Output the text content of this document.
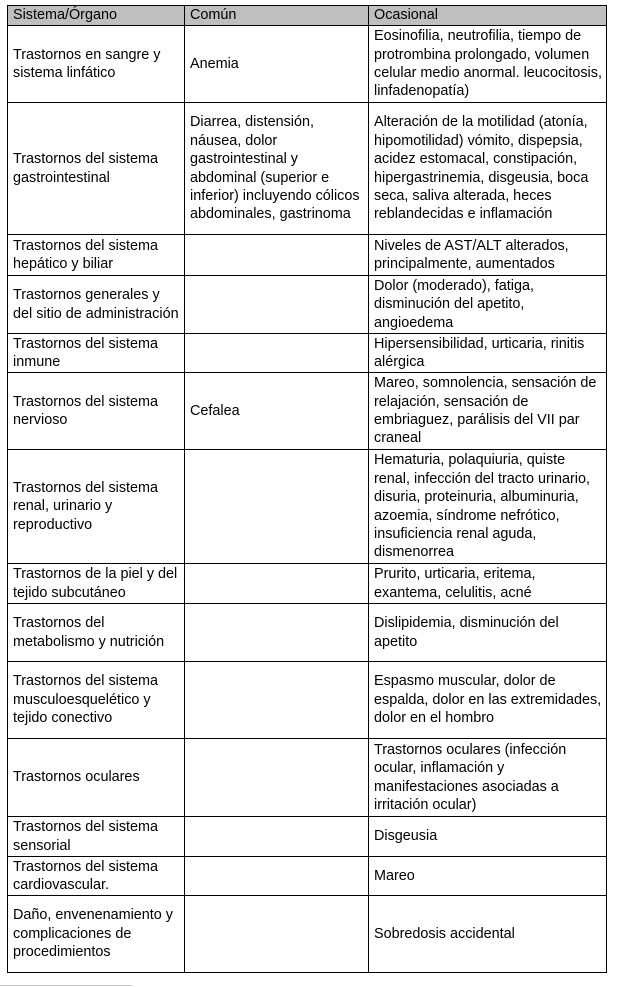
Sistema/Órgano	Común	Ocasional
Trastornos en sangre y sistema linfático	Anemia	Eosinofilia, neutrofilia, tiempo de protrombina prolongado, volumen celular medio anormal. leucocitosis, linfadenopatía)
Trastornos del sistema gastrointestinal	Diarrea, distensión, náusea, dolor gastrointestinal y abdominal (superior e inferior) incluyendo cólicos abdominales, gastrinoma	Alteración de la motilidad (atonía, hipomotilidad) vómito, dispepsia, acidez estomacal, constipación, hipergastrinemia, disgeusia, boca seca, saliva alterada, heces reblandecidas e inflamación
Trastornos del sistema hepático y biliar		Niveles de AST/ALT alterados, principalmente, aumentados
Trastornos generales y del sitio de administración		Dolor (moderado), fatiga, disminución del apetito, angioedema
Trastornos del sistema inmune		Hipersensibilidad, urticaria, rinitis alérgica
Trastornos del sistema nervioso	Cefalea	Mareo, somnolencia, sensación de relajación, sensación de embriaguez, parálisis del VII par craneal
Trastornos del sistema renal, urinario y reproductivo		Hematuria, polaquiuria, quiste renal, infección del tracto urinario, disuria, proteinuria, albuminuria, azoemia, síndrome nefrótico, insuficiencia renal aguda, dismenorrea
Trastornos de la piel y del tejido subcutáneo		Prurito, urticaria, eritema, exantema, celulitis, acné
Trastornos del metabolismo y nutrición		Dislipidemia, disminución del apetito
Trastornos del sistema musculoesquelético y tejido conectivo		Espasmo muscular, dolor de espalda, dolor en las extremidades, dolor en el hombro
Trastornos oculares		Trastornos oculares (infección ocular, inflamación y manifestaciones asociadas a irritación ocular)
Trastornos del sistema sensorial		Disgeusia
Trastornos del sistema cardiovascular.		Mareo
Daño, envenenamiento y complicaciones de procedimientos		Sobredosis accidental
